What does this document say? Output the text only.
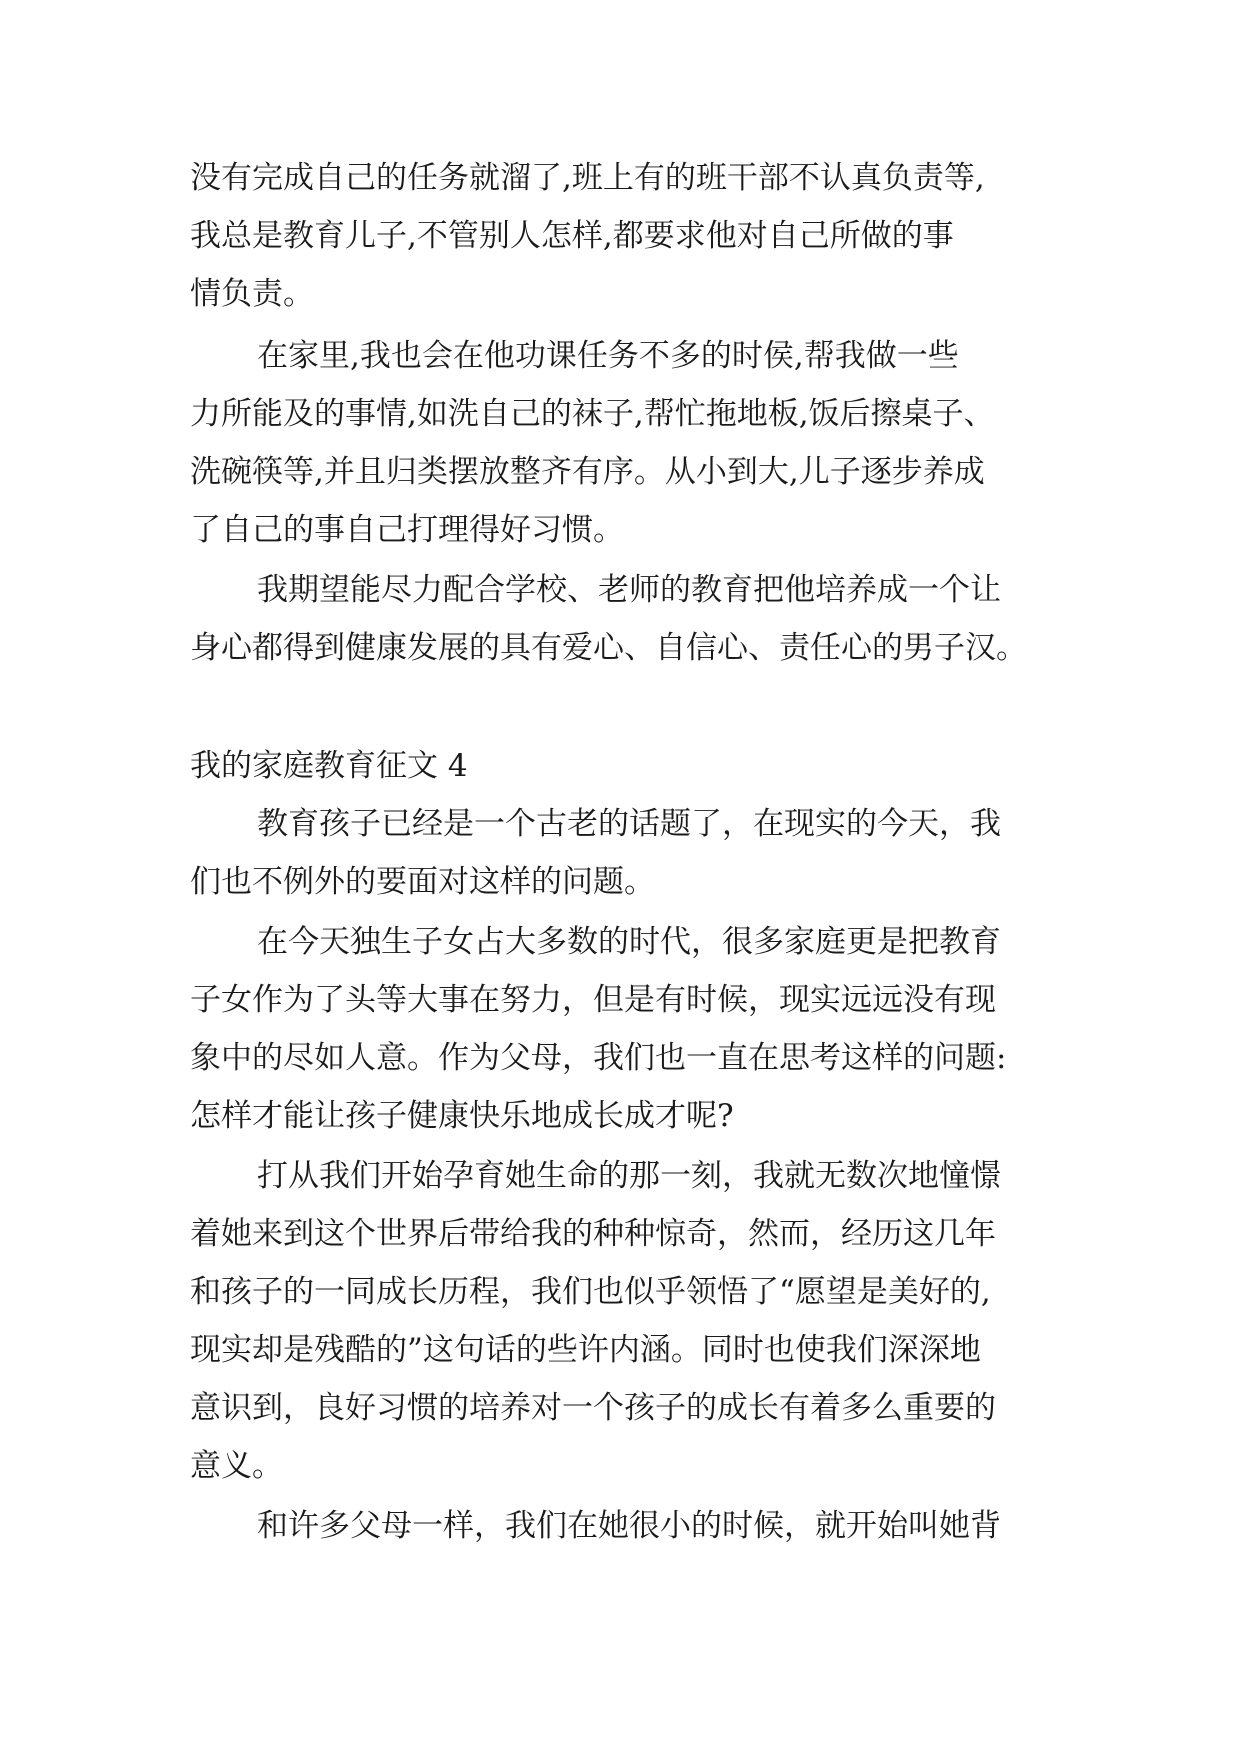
没有完成自己的任务就溜了,班上有的班干部不认真负责等,
我总是教育儿子,不管别人怎样,都要求他对自己所做的事
情负责。
在家里,我也会在他功课任务不多的时侯,帮我做一些
力所能及的事情,如洗自己的袜子,帮忙拖地板,饭后擦桌子、
洗碗筷等,并且归类摆放整齐有序。从小到大,儿子逐步养成
了自己的事自己打理得好习惯。
我期望能尽力配合学校、老师的教育把他培养成一个让
身心都得到健康发展的具有爱心、自信心、责任心的男子汉。
我的家庭教育征文 4
教育孩子已经是一个古老的话题了，在现实的今天，我
们也不例外的要面对这样的问题。
在今天独生子女占大多数的时代，很多家庭更是把教育
子女作为了头等大事在努力，但是有时候，现实远远没有现
象中的尽如人意。作为父母，我们也一直在思考这样的问题:
怎样才能让孩子健康快乐地成长成才呢?
打从我们开始孕育她生命的那一刻，我就无数次地憧憬
着她来到这个世界后带给我的种种惊奇，然而，经历这几年
和孩子的一同成长历程，我们也似乎领悟了“愿望是美好的,
现实却是残酷的”这句话的些许内涵。同时也使我们深深地
意识到，良好习惯的培养对一个孩子的成长有着多么重要的
意义。
和许多父母一样，我们在她很小的时候，就开始叫她背
